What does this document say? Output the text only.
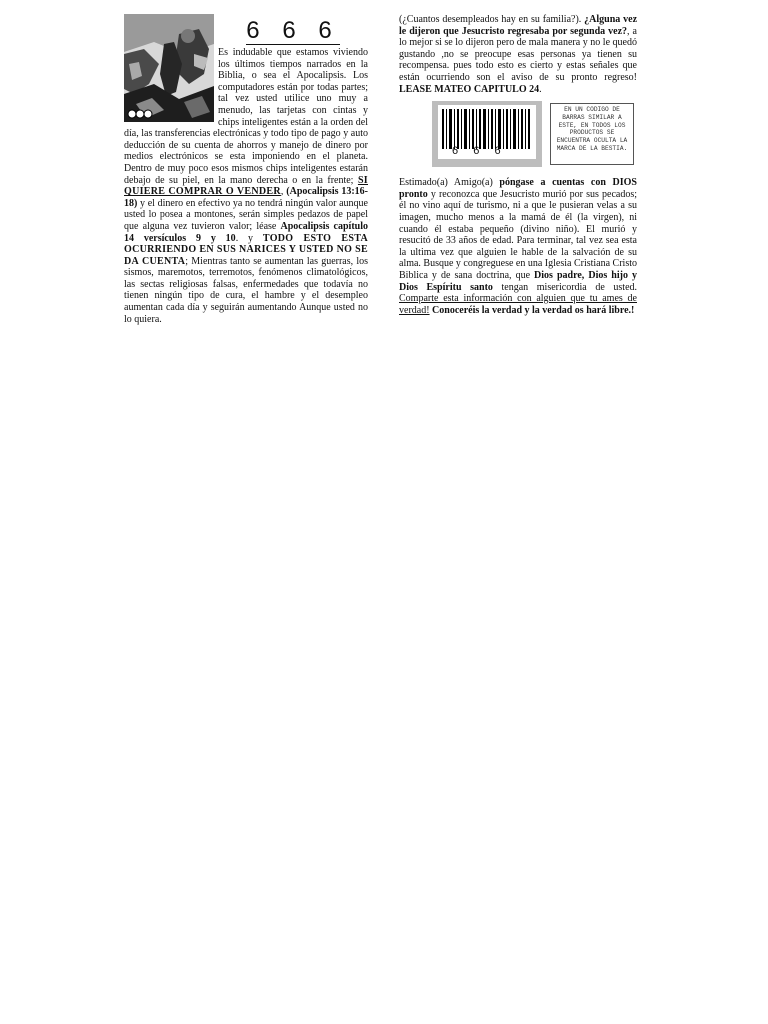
6 6 6

Es indudable que estamos viviendo los últimos tiempos narrados en la Biblia, o sea el Apocalipsis. Los computadores están por todas partes; tal vez usted utilice uno muy a menudo, las tarjetas con cintas y chips inteligentes están a la orden del día, las transferencias electrónicas y todo tipo de pago y auto deducción de su cuenta de ahorros y manejo de dinero por medios electrónicos se esta imponiendo en el planeta. Dentro de muy poco esos mismos chips inteligentes estarán debajo de su piel, en la mano derecha o en la frente; SI QUIERE COMPRAR O VENDER, (Apocalipsis 13:16-18) y el dinero en efectivo ya no tendrá ningún valor aunque usted lo posea a montones, serán simples pedazos de papel que alguna vez tuvieron valor; léase Apocalipsis capítulo 14 versículos 9 y 10. y TODO ESTO ESTA OCURRIENDO EN SUS NARICES Y USTED NO SE DA CUENTA; Mientras tanto se aumentan las guerras, los sismos, maremotos, terremotos, fenómenos climatológicos, las sectas religiosas falsas, enfermedades que todavía no tienen ningún tipo de cura, el hambre y el desempleo aumentan cada día y seguirán aumentando Aunque usted no lo quiera.

(¿Cuantos desempleados hay en su familia?). ¿Alguna vez le dijeron que Jesucristo regresaba por segunda vez?, a lo mejor si se lo dijeron pero de mala manera y no le quedó gustando ,no se preocupe esas personas ya tienen su recompensa. pues todo esto es cierto y estas señales que están ocurriendo son el aviso de su pronto regreso! LEASE MATEO CAPITULO 24.

6  6  6
EN UN CODIGO DE BARRAS SIMILAR A ESTE, EN TODOS LOS PRODUCTOS SE ENCUENTRA OCULTA LA MARCA DE LA BESTIA.

Estimado(a) Amigo(a) póngase a cuentas con DIOS pronto y reconozca que Jesucristo murió por sus pecados; él no vino aquí de turismo, ni a que le pusieran velas a su imagen, mucho menos a la mamá de él (la virgen), ni cuando él estaba pequeño (divino niño). El murió y resucitó de 33 años de edad. Para terminar, tal vez sea esta la ultima vez que alguien le hable de la salvación de su alma. Busque y congreguese en una Iglesia Cristiana Cristo Biblica y de sana doctrina, que Dios padre, Dios hijo y Dios Espíritu santo tengan misericordia de usted. Comparte esta información con alguien que tu ames de verdad! Conoceréis la verdad y la verdad os hará libre.!
